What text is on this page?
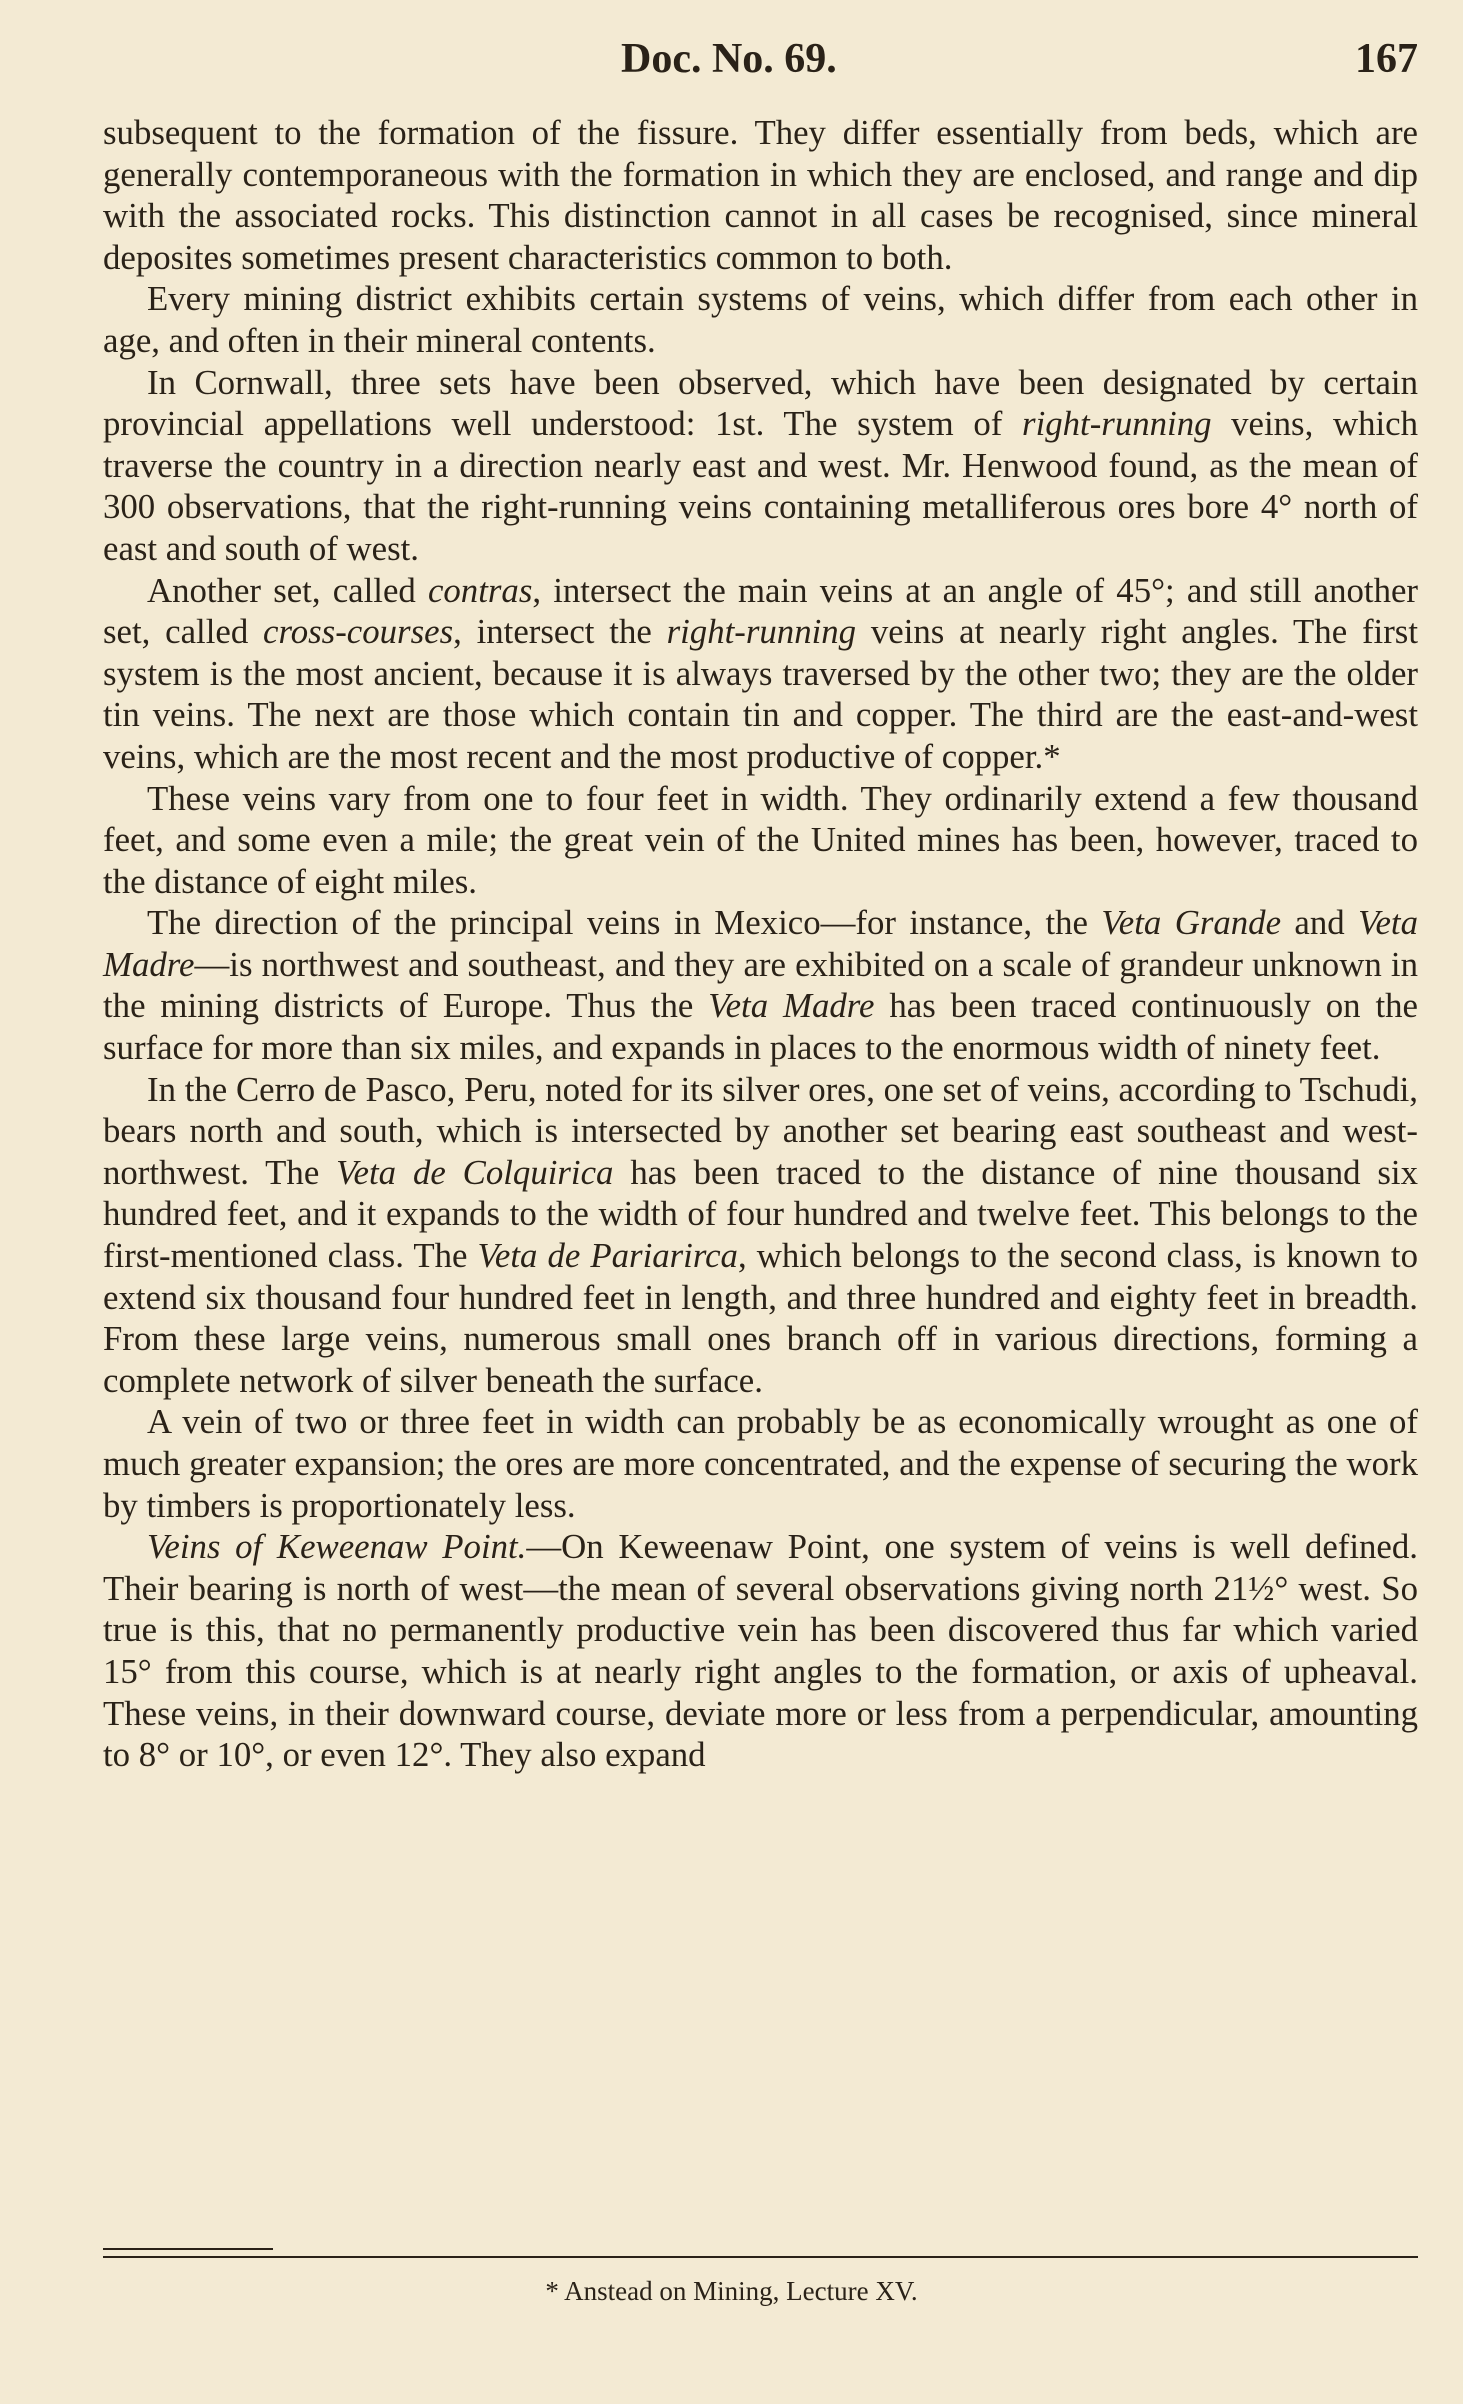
Doc. No. 69.	167

subsequent to the formation of the fissure. They differ essentially from beds, which are generally contemporaneous with the formation in which they are enclosed, and range and dip with the associated rocks. This distinction cannot in all cases be recognised, since mineral deposites sometimes present characteristics common to both.

Every mining district exhibits certain systems of veins, which differ from each other in age, and often in their mineral contents.

In Cornwall, three sets have been observed, which have been designated by certain provincial appellations well understood: 1st. The system of right-running veins, which traverse the country in a direction nearly east and west. Mr. Henwood found, as the mean of 300 observations, that the right-running veins containing metalliferous ores bore 4° north of east and south of west.

Another set, called contras, intersect the main veins at an angle of 45°; and still another set, called cross-courses, intersect the right-running veins at nearly right angles. The first system is the most ancient, because it is always traversed by the other two; they are the older tin veins. The next are those which contain tin and copper. The third are the east-and-west veins, which are the most recent and the most productive of copper.*

These veins vary from one to four feet in width. They ordinarily extend a few thousand feet, and some even a mile; the great vein of the United mines has been, however, traced to the distance of eight miles.

The direction of the principal veins in Mexico—for instance, the Veta Grande and Veta Madre—is northwest and southeast, and they are exhibited on a scale of grandeur unknown in the mining districts of Europe. Thus the Veta Madre has been traced continuously on the surface for more than six miles, and expands in places to the enormous width of ninety feet.

In the Cerro de Pasco, Peru, noted for its silver ores, one set of veins, according to Tschudi, bears north and south, which is intersected by another set bearing east southeast and west-northwest. The Veta de Colquirica has been traced to the distance of nine thousand six hundred feet, and it expands to the width of four hundred and twelve feet. This belongs to the first-mentioned class. The Veta de Pariarirca, which belongs to the second class, is known to extend six thousand four hundred feet in length, and three hundred and eighty feet in breadth. From these large veins, numerous small ones branch off in various directions, forming a complete network of silver beneath the surface.

A vein of two or three feet in width can probably be as economically wrought as one of much greater expansion; the ores are more concentrated, and the expense of securing the work by timbers is proportionately less.

Veins of Keweenaw Point.—On Keweenaw Point, one system of veins is well defined. Their bearing is north of west—the mean of several observations giving north 21½° west. So true is this, that no permanently productive vein has been discovered thus far which varied 15° from this course, which is at nearly right angles to the formation, or axis of upheaval. These veins, in their downward course, deviate more or less from a perpendicular, amounting to 8° or 10°, or even 12°. They also expand

* Anstead on Mining, Lecture XV.
